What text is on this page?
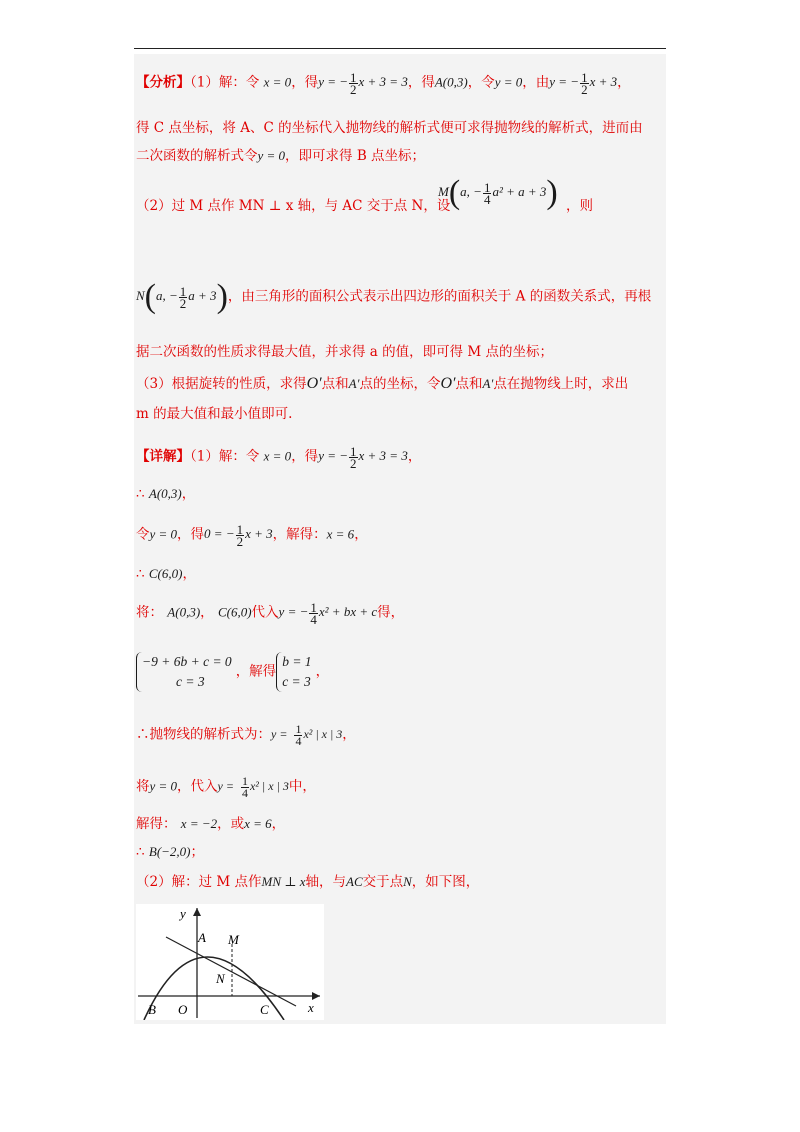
【分析】（1）解：令 x = 0，得y = − $\frac{1}{2}$ x + 3 = 3，得A(0,3)，令y = 0，由y = − $\frac{1}{2}$ x + 3，
得 C 点坐标，将 A、C 的坐标代入抛物线的解析式便可求得抛物线的解析式，进而由
二次函数的解析式令y = 0，即可求得 B 点坐标；
（2）过 M 点作 MN ⊥ x 轴，与 AC 交于点 N，设
M(a, − $\frac{1}{4} a^2 + a + 3$) ，则
N(a, − $\frac{1}{2}$ a + 3)，由三角形的面积公式表示出四边形的面积关于 A 的函数关系式，再根
据二次函数的性质求得最大值，并求得 a 的值，即可得 M 点的坐标；
（3）根据旋转的性质，求得O′点和A′点的坐标，令O′点和A′点在抛物线上时，求出
m 的最大值和最小值即可.
【详解】（1）解：令 x = 0，得y = − $\frac{1}{2}$ x + 3 = 3，
∴ A(0,3)，
令y = 0，得0 = − $\frac{1}{2}$ x + 3，解得：x = 6，
∴ C(6,0)，
将： A(0,3)， C(6,0)代入y = − $\frac{1}{4} x^2$ + bx + c得，
−9 + 6b + c = 0
c = 3，解得b = 1
c = 3，
∴抛物线的解析式为：$y = \frac{1}{4} x^2$ | x | 3，
将y = 0，代入$y = \frac{1}{4} x^2$ | x | 3中，
解得： x = −2，或x = 6，
∴ B(−2,0)；
（2）解：过 M 点作MN ⊥ x轴，与AC交于点N，如下图，
y
x
A M
N
B O	C
